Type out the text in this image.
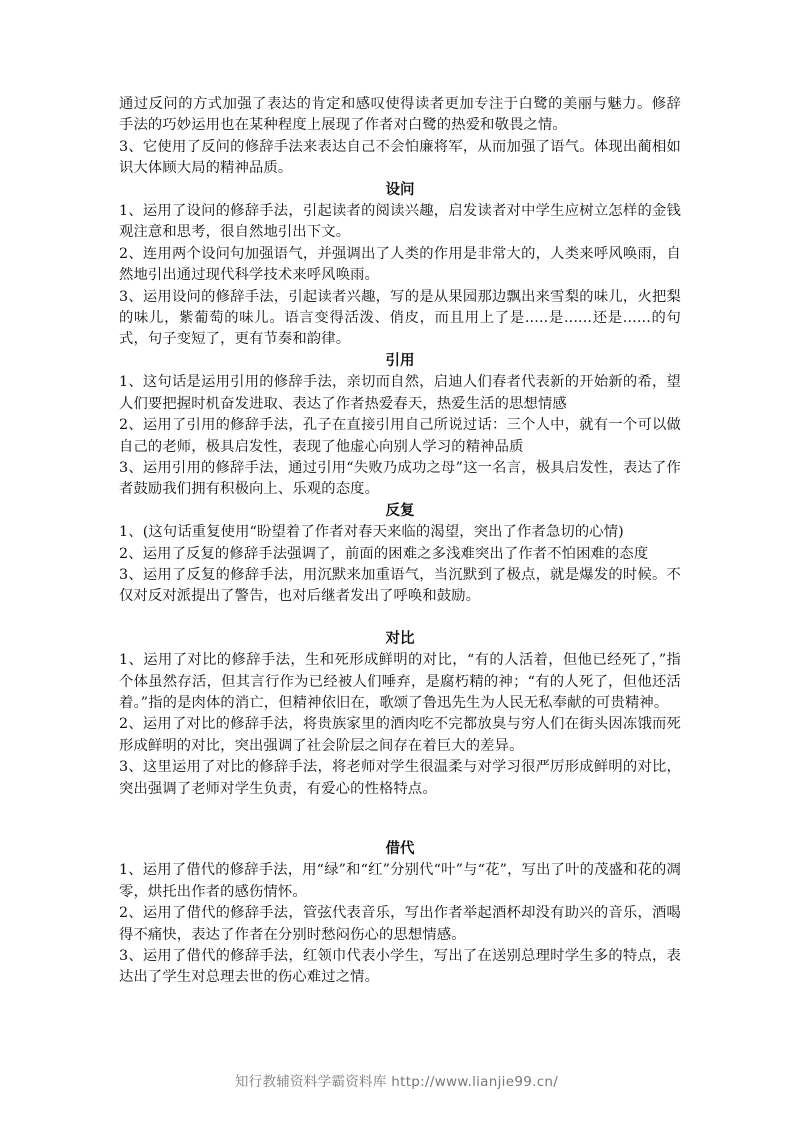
通过反问的方式加强了表达的肯定和感叹使得读者更加专注于白鹭的美丽与魅力。修辞手法的巧妙运用也在某种程度上展现了作者对白鹭的热爱和敬畏之情。

3、它使用了反问的修辞手法来表达自己不会怕廉将军，从而加强了语气。体现出蔺相如识大体顾大局的精神品质。

设问

1、运用了设问的修辞手法，引起读者的阅读兴趣，启发读者对中学生应树立怎样的金钱观注意和思考，很自然地引出下文。

2、连用两个设问句加强语气，并强调出了人类的作用是非常大的，人类来呼风唤雨，自然地引出通过现代科学技术来呼风唤雨。

3、运用设问的修辞手法，引起读者兴趣，写的是从果园那边飘出来雪梨的味儿，火把梨的味儿，紫葡萄的味儿。语言变得活泼、俏皮，而且用上了是.....是......还是......的句式，句子变短了，更有节奏和韵律。

引用

1、这句话是运用引用的修辞手法，亲切而自然，启迪人们春者代表新的开始新的希，望人们要把握时机奋发进取、表达了作者热爱春天，热爱生活的思想情感

2、运用了引用的修辞手法，孔子在直接引用自己所说过话：三个人中，就有一个可以做自己的老师，极具启发性，表现了他虚心向别人学习的精神品质

3、运用引用的修辞手法，通过引用“失败乃成功之母”这一名言，极具启发性，表达了作者鼓励我们拥有积极向上、乐观的态度。

反复

1、(这句话重复使用“盼望着了作者对春天来临的渴望，突出了作者急切的心情)

2、运用了反复的修辞手法强调了，前面的困难之多浅难突出了作者不怕困难的态度

3、运用了反复的修辞手法，用沉默来加重语气，当沉默到了极点，就是爆发的时候。不仅对反对派提出了警告，也对后继者发出了呼唤和鼓励。

对比

1、运用了对比的修辞手法，生和死形成鲜明的对比，“有的人活着，但他已经死了，”指个体虽然存活，但其言行作为已经被人们唾弃，是腐朽精的神；“有的人死了，但他还活着。”指的是肉体的消亡，但精神依旧在，歌颂了鲁迅先生为人民无私奉献的可贵精神。

2、运用了对比的修辞手法，将贵族家里的酒肉吃不完都放臭与穷人们在街头因冻饿而死形成鲜明的对比，突出强调了社会阶层之间存在着巨大的差异。

3、这里运用了对比的修辞手法，将老师对学生很温柔与对学习很严厉形成鲜明的对比，突出强调了老师对学生负责，有爱心的性格特点。

借代

1、运用了借代的修辞手法，用“绿”和“红”分别代“叶”与“花”，写出了叶的茂盛和花的凋零，烘托出作者的感伤情怀。

2、运用了借代的修辞手法，管弦代表音乐，写出作者举起酒杯却没有助兴的音乐，酒喝得不痛快，表达了作者在分别时愁闷伤心的思想情感。

3、运用了借代的修辞手法，红领巾代表小学生，写出了在送别总理时学生多的特点，表达出了学生对总理去世的伤心难过之情。

知行教辅资料学霸资料库 http://www.lianjie99.cn/
